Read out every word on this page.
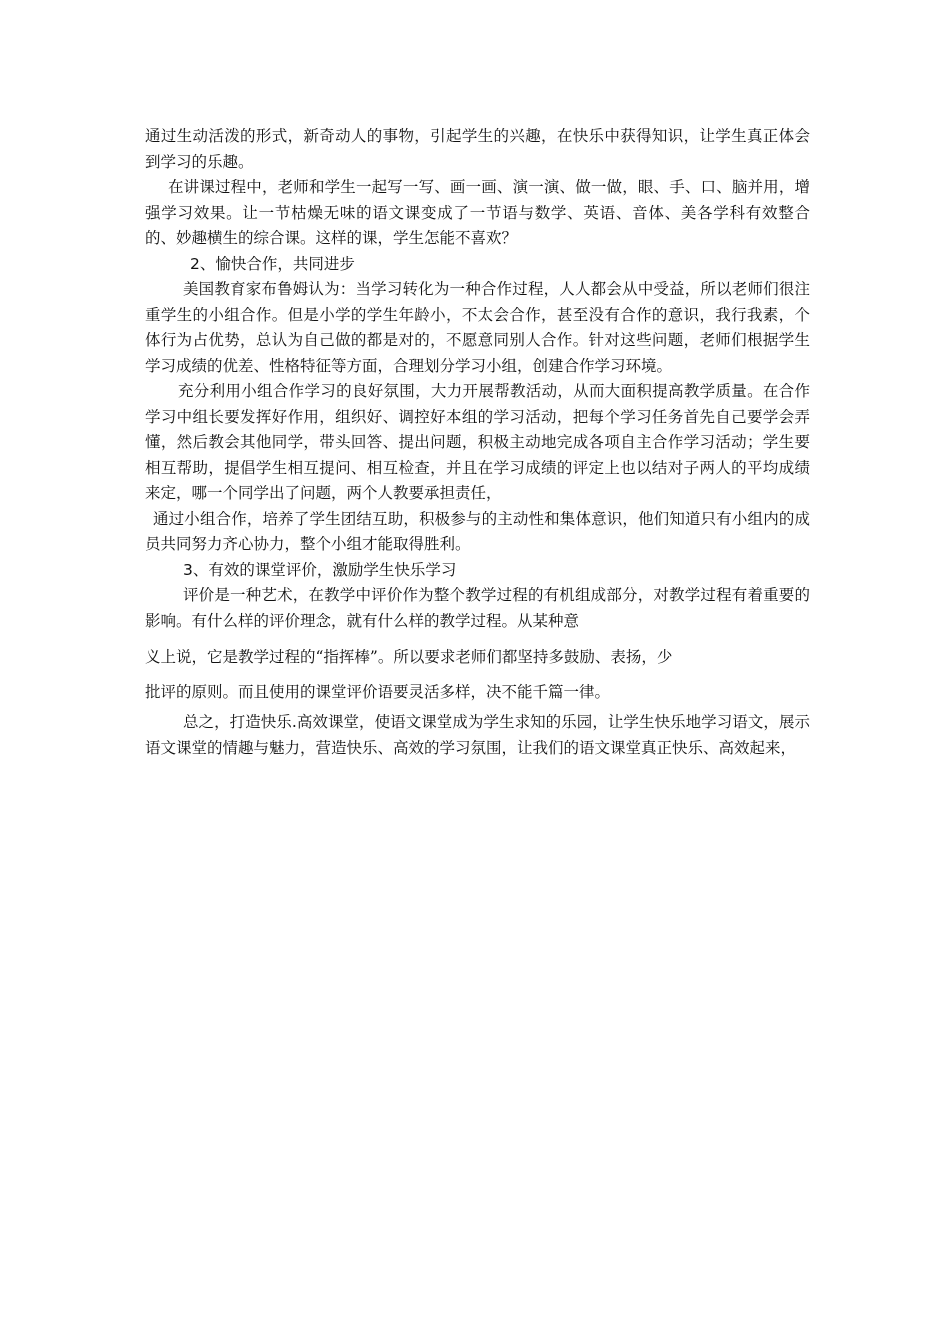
通过生动活泼的形式，新奇动人的事物，引起学生的兴趣，在快乐中获得知识，让学生真正体会到学习的乐趣。

在讲课过程中，老师和学生一起写一写、画一画、演一演、做一做，眼、手、口、脑并用，增强学习效果。让一节枯燥无味的语文课变成了一节语与数学、英语、音体、美各学科有效整合的、妙趣横生的综合课。这样的课，学生怎能不喜欢？

2、愉快合作，共同进步

美国教育家布鲁姆认为：当学习转化为一种合作过程，人人都会从中受益，所以老师们很注重学生的小组合作。但是小学的学生年龄小，不太会合作，甚至没有合作的意识，我行我素，个体行为占优势，总认为自己做的都是对的，不愿意同别人合作。针对这些问题，老师们根据学生学习成绩的优差、性格特征等方面，合理划分学习小组，创建合作学习环境。

充分利用小组合作学习的良好氛围，大力开展帮教活动，从而大面积提高教学质量。在合作学习中组长要发挥好作用，组织好、调控好本组的学习活动，把每个学习任务首先自己要学会弄懂，然后教会其他同学，带头回答、提出问题，积极主动地完成各项自主合作学习活动；学生要相互帮助，提倡学生相互提问、相互检查，并且在学习成绩的评定上也以结对子两人的平均成绩来定，哪一个同学出了问题，两个人教要承担责任，

通过小组合作，培养了学生团结互助，积极参与的主动性和集体意识，他们知道只有小组内的成员共同努力齐心协力，整个小组才能取得胜利。

3、有效的课堂评价，激励学生快乐学习

评价是一种艺术，在教学中评价作为整个教学过程的有机组成部分，对教学过程有着重要的影响。有什么样的评价理念，就有什么样的教学过程。从某种意

义上说，它是教学过程的“指挥棒”。所以要求老师们都坚持多鼓励、表扬，少

批评的原则。而且使用的课堂评价语要灵活多样，决不能千篇一律。

总之，打造快乐.高效课堂，使语文课堂成为学生求知的乐园，让学生快乐地学习语文，展示语文课堂的情趣与魅力，营造快乐、高效的学习氛围，让我们的语文课堂真正快乐、高效起来，
